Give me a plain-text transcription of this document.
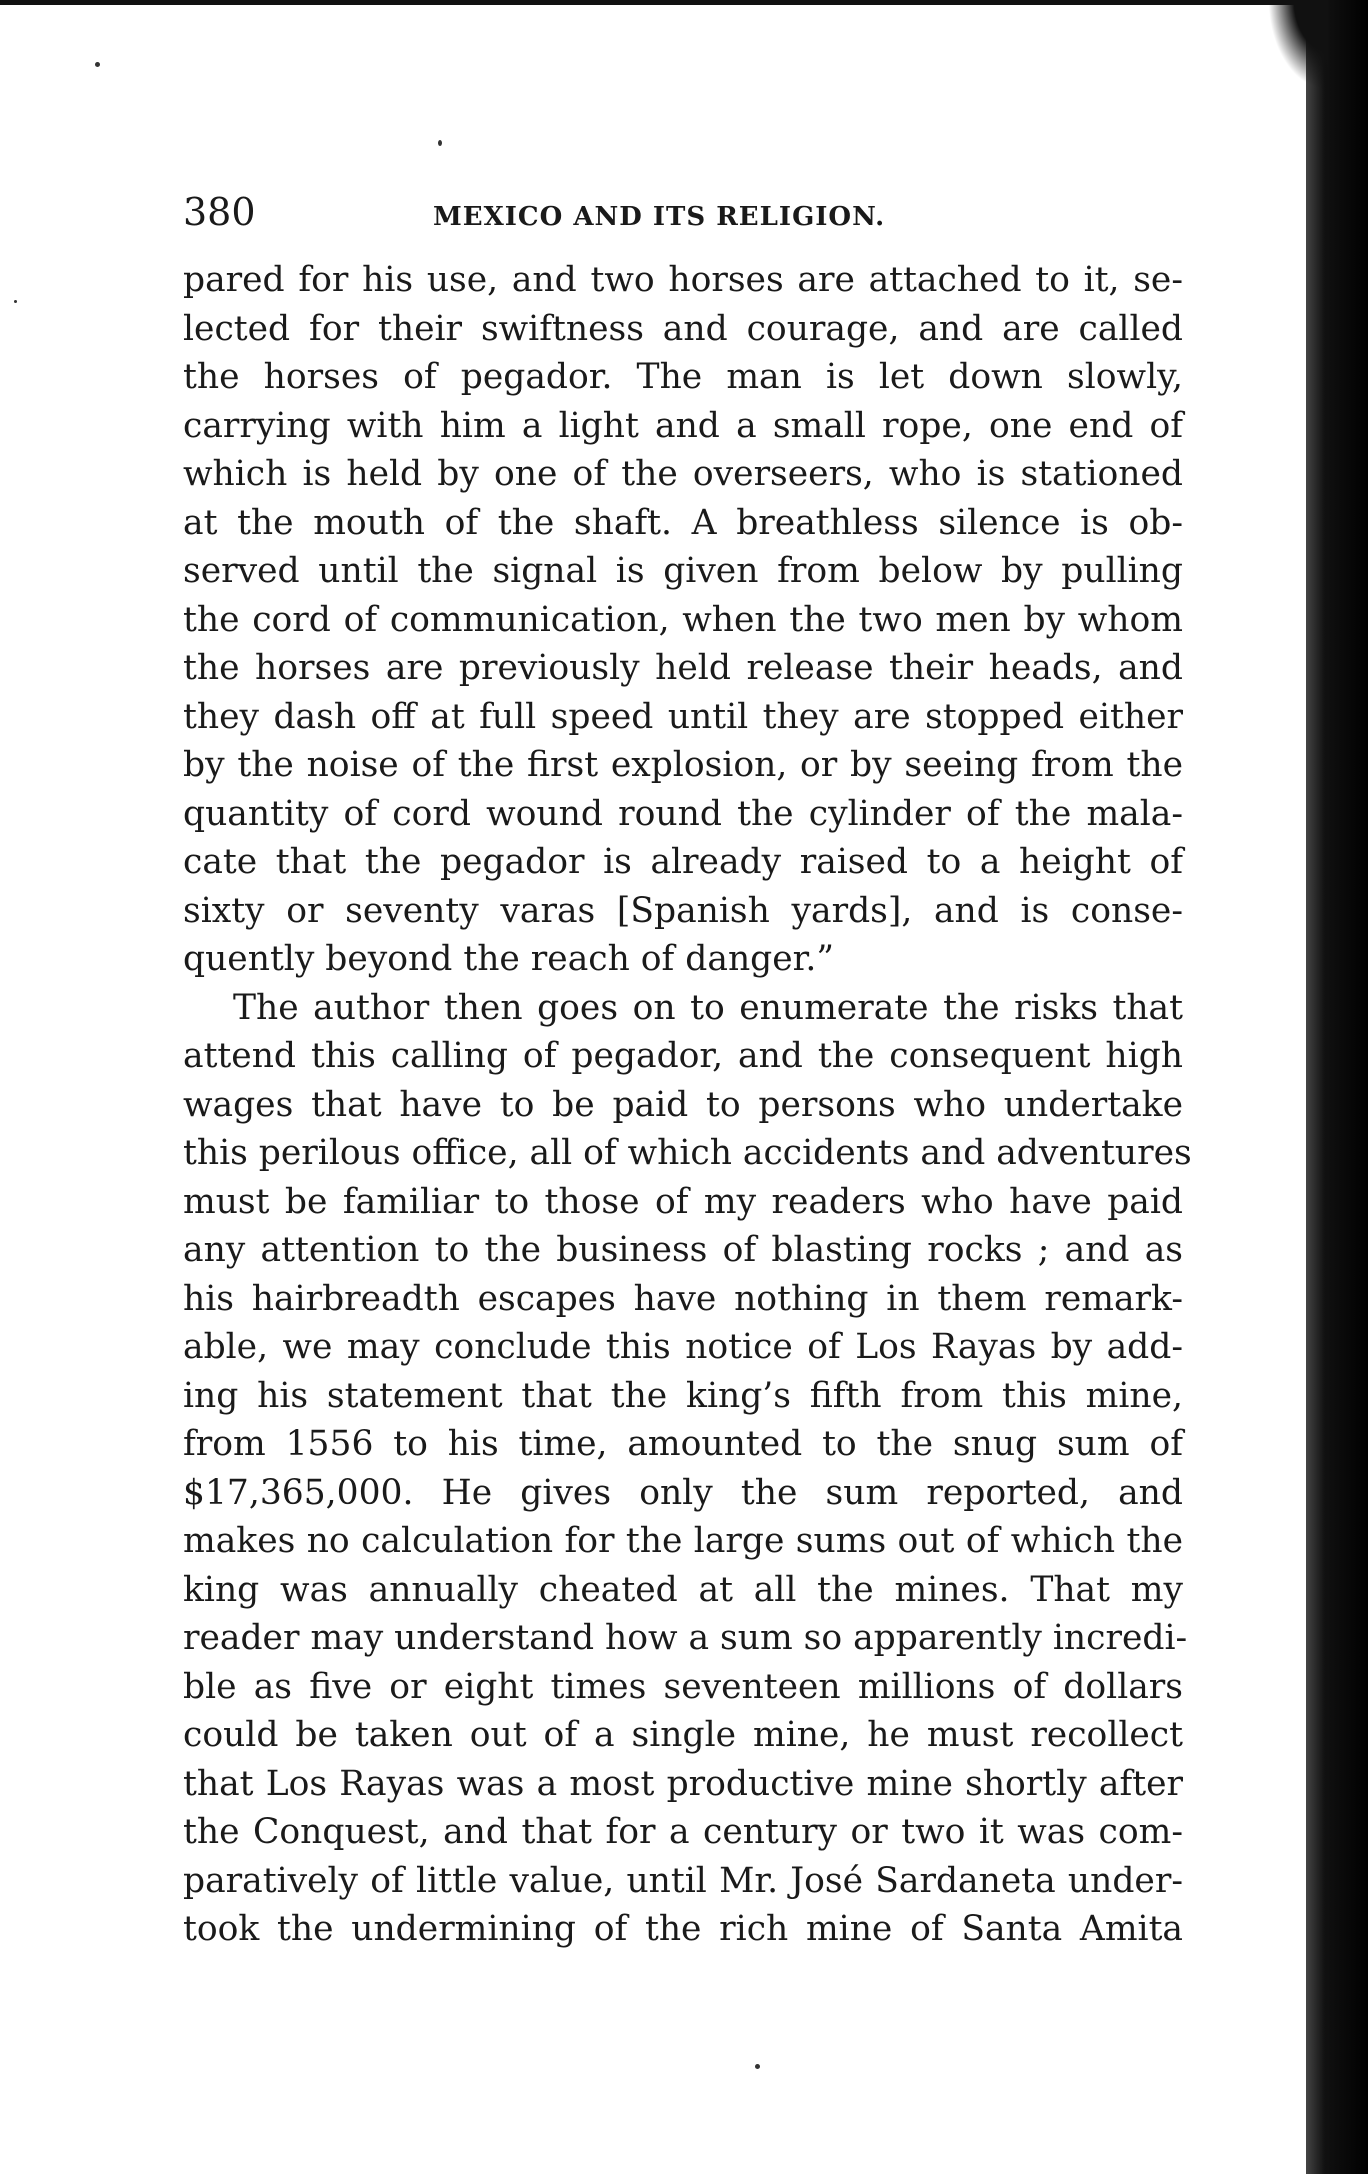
380	MEXICO AND ITS RELIGION.
pared for his use, and two horses are attached to it, se-
lected for their swiftness and courage, and are called
the horses of pegador. The man is let down slowly,
carrying with him a light and a small rope, one end of
which is held by one of the overseers, who is stationed
at the mouth of the shaft. A breathless silence is ob-
served until the signal is given from below by pulling
the cord of communication, when the two men by whom
the horses are previously held release their heads, and
they dash off at full speed until they are stopped either
by the noise of the first explosion, or by seeing from the
quantity of cord wound round the cylinder of the mala-
cate that the pegador is already raised to a height of
sixty or seventy varas [Spanish yards], and is conse-
quently beyond the reach of danger.”
The author then goes on to enumerate the risks that
attend this calling of pegador, and the consequent high
wages that have to be paid to persons who undertake
this perilous office, all of which accidents and adventures
must be familiar to those of my readers who have paid
any attention to the business of blasting rocks ; and as
his hairbreadth escapes have nothing in them remark-
able, we may conclude this notice of Los Rayas by add-
ing his statement that the king’s fifth from this mine,
from 1556 to his time, amounted to the snug sum of
$17,365,000. He gives only the sum reported, and
makes no calculation for the large sums out of which the
king was annually cheated at all the mines. That my
reader may understand how a sum so apparently incredi-
ble as five or eight times seventeen millions of dollars
could be taken out of a single mine, he must recollect
that Los Rayas was a most productive mine shortly after
the Conquest, and that for a century or two it was com-
paratively of little value, until Mr. José Sardaneta under-
took the undermining of the rich mine of Santa Amita
